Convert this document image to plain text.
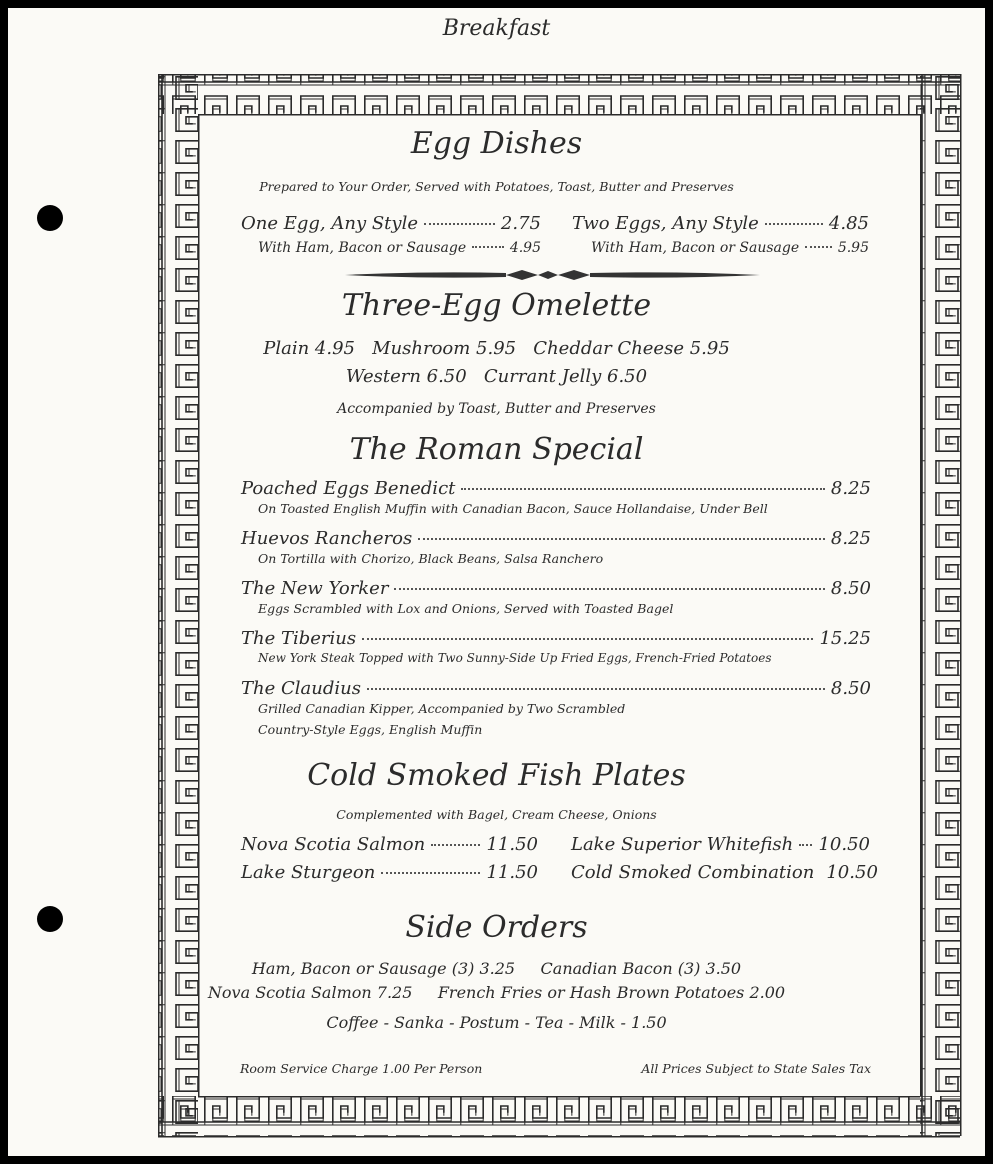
Breakfast
Egg Dishes
Prepared to Your Order, Served with Potatoes, Toast, Butter and Preserves
One Egg, Any Style	2.75
With Ham, Bacon or Sausage	4.95
Two Eggs, Any Style	4.85
With Ham, Bacon or Sausage	5.95
Three-Egg Omelette
Plain 4.95   Mushroom 5.95   Cheddar Cheese 5.95
Western 6.50   Currant Jelly 6.50
Accompanied by Toast, Butter and Preserves
The Roman Special
Poached Eggs Benedict	8.25
On Toasted English Muffin with Canadian Bacon, Sauce Hollandaise, Under Bell
Huevos Rancheros	8.25
On Tortilla with Chorizo, Black Beans, Salsa Ranchero
The New Yorker	8.50
Eggs Scrambled with Lox and Onions, Served with Toasted Bagel
The Tiberius	15.25
New York Steak Topped with Two Sunny-Side Up Fried Eggs, French-Fried Potatoes
The Claudius	8.50
Grilled Canadian Kipper, Accompanied by Two Scrambled
Country-Style Eggs, English Muffin
Cold Smoked Fish Plates
Complemented with Bagel, Cream Cheese, Onions
Nova Scotia Salmon	11.50
Lake Sturgeon	11.50
Lake Superior Whitefish 10.50
Cold Smoked Combination 10.50
Side Orders
Ham, Bacon or Sausage (3) 3.25     Canadian Bacon (3) 3.50
Nova Scotia Salmon 7.25     French Fries or Hash Brown Potatoes 2.00
Coffee - Sanka - Postum - Tea - Milk - 1.50
Room Service Charge 1.00 Per Person	All Prices Subject to State Sales Tax
